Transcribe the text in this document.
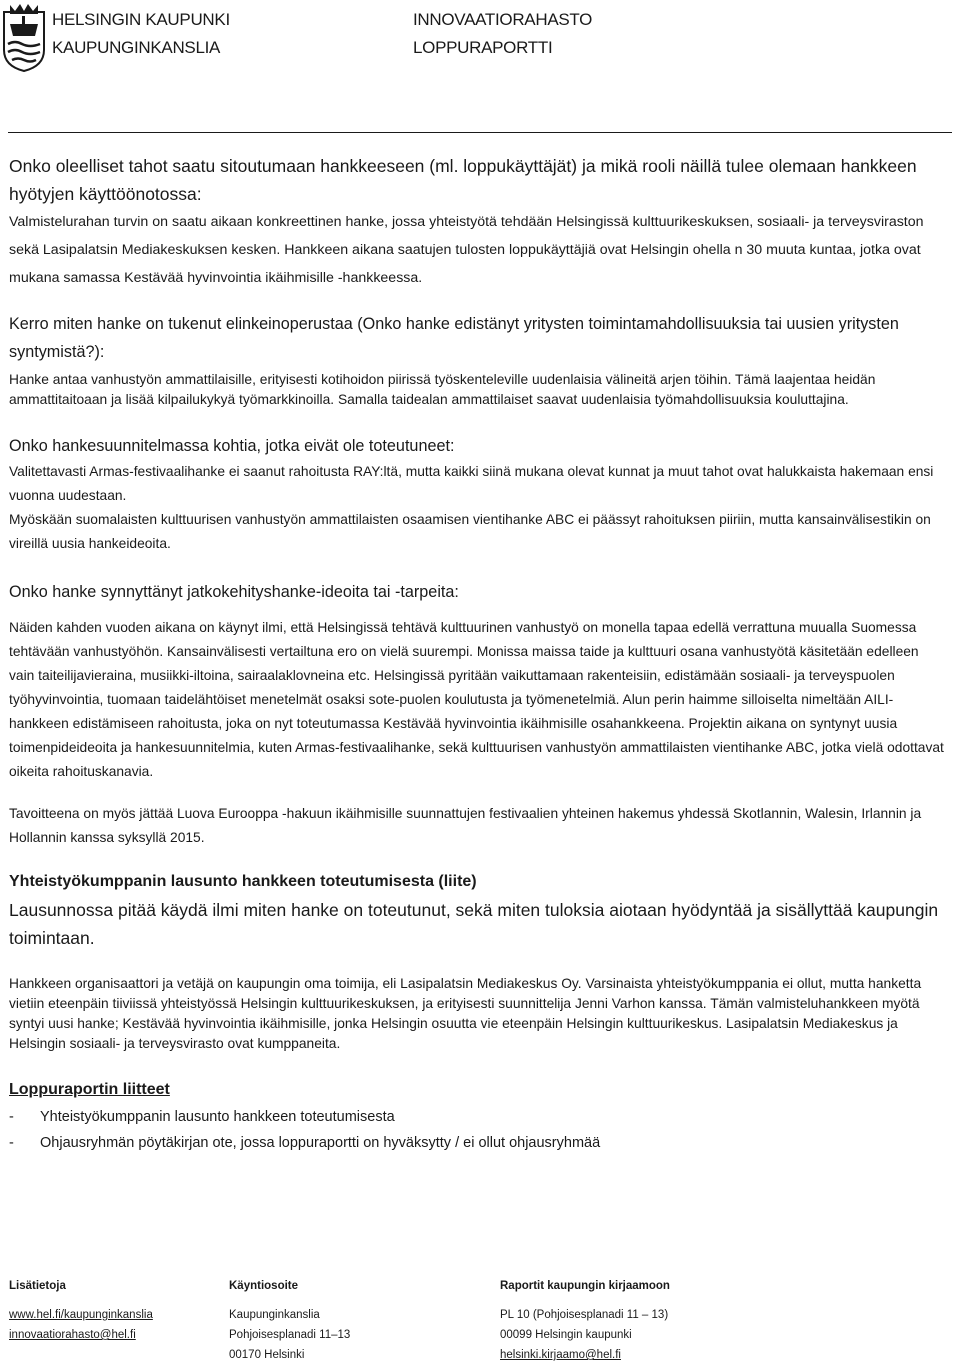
HELSINGIN KAUPUNKI
KAUPUNGINKANSLIA
INNOVAATIORAHASTO
LOPPURAPORTTI

Onko oleelliset tahot saatu sitoutumaan hankkeeseen (ml. loppukäyttäjät) ja mikä rooli näillä tulee olemaan hankkeen hyötyjen käyttöönotossa:

Valmistelurahan turvin on saatu aikaan konkreettinen hanke, jossa yhteistyötä tehdään Helsingissä kulttuurikeskuksen, sosiaali- ja terveysviraston sekä Lasipalatsin Mediakeskuksen kesken. Hankkeen aikana saatujen tulosten loppukäyttäjiä ovat Helsingin ohella n 30 muuta kuntaa, jotka ovat mukana samassa Kestävää hyvinvointia ikäihmisille -hankkeessa.

Kerro miten hanke on tukenut elinkeinoperustaa (Onko hanke edistänyt yritysten toimintamahdollisuuksia tai uusien yritysten syntymistä?):

Hanke antaa vanhustyön ammattilaisille, erityisesti kotihoidon piirissä työskenteleville uudenlaisia välineitä arjen töihin. Tämä laajentaa heidän ammattitaitoaan ja lisää kilpailukykyä työmarkkinoilla. Samalla taidealan ammattilaiset saavat uudenlaisia työmahdollisuuksia kouluttajina.

Onko hankesuunnitelmassa kohtia, jotka eivät ole toteutuneet:

Valitettavasti Armas-festivaalihanke ei saanut rahoitusta RAY:ltä, mutta kaikki siinä mukana olevat kunnat ja muut tahot ovat halukkaista hakemaan ensi vuonna uudestaan.

Myöskään suomalaisten kulttuurisen vanhustyön ammattilaisten osaamisen vientihanke ABC ei päässyt rahoituksen piiriin, mutta kansainvälisestikin on vireillä uusia hankeideoita.

Onko hanke synnyttänyt jatkokehityshanke-ideoita tai -tarpeita:

Näiden kahden vuoden aikana on käynyt ilmi, että Helsingissä tehtävä kulttuurinen vanhustyö on monella tapaa edellä verrattuna muualla Suomessa tehtävään vanhustyöhön. Kansainvälisesti vertailtuna ero on vielä suurempi. Monissa maissa taide ja kulttuuri osana vanhustyötä käsitetään edelleen vain taiteilijavieraina, musiikki-iltoina, sairaalaklovneina etc. Helsingissä pyritään vaikuttamaan rakenteisiin, edistämään sosiaali- ja terveyspuolen työhyvinvointia, tuomaan taidelähtöiset menetelmät osaksi sote-puolen koulutusta ja työmenetelmiä. Alun perin haimme silloiselta nimeltään AILI-hankkeen edistämiseen rahoitusta, joka on nyt toteutumassa Kestävää hyvinvointia ikäihmisille osahankkeena. Projektin aikana on syntynyt uusia toimenpideideoita ja hankesuunnitelmia, kuten Armas-festivaalihanke, sekä kulttuurisen vanhustyön ammattilaisten vientihanke ABC, jotka vielä odottavat oikeita rahoituskanavia.

Tavoitteena on myös jättää Luova Eurooppa -hakuun ikäihmisille suunnattujen festivaalien yhteinen hakemus yhdessä Skotlannin, Walesin, Irlannin ja Hollannin kanssa syksyllä 2015.

Yhteistyökumppanin lausunto hankkeen toteutumisesta (liite)

Lausunnossa pitää käydä ilmi miten hanke on toteutunut, sekä miten tuloksia aiotaan hyödyntää ja sisällyttää kaupungin toimintaan.

Hankkeen organisaattori ja vetäjä on kaupungin oma toimija, eli Lasipalatsin Mediakeskus Oy. Varsinaista yhteistyökumppania ei ollut, mutta hanketta vietiin eteenpäin tiiviissä yhteistyössä Helsingin kulttuurikeskuksen, ja erityisesti suunnittelija Jenni Varhon kanssa. Tämän valmisteluhankkeen myötä syntyi uusi hanke; Kestävää hyvinvointia ikäihmisille, jonka Helsingin osuutta vie eteenpäin Helsingin kulttuurikeskus. Lasipalatsin Mediakeskus ja Helsingin sosiaali- ja terveysvirasto ovat kumppaneita.

Loppuraportin liitteet

- Yhteistyökumppanin lausunto hankkeen toteutumisesta
- Ohjausryhmän pöytäkirjan ote, jossa loppuraportti on hyväksytty / ei ollut ohjausryhmää
Lisätietoja
www.hel.fi/kaupunginkanslia
innovaatiorahasto@hel.fi
Käyntiosoite
Kaupunginkanslia
Pohjoisesplanadi 11–13
00170 Helsinki
Raportit kaupungin kirjaamoon
PL 10 (Pohjoisesplanadi 11 – 13)
00099 Helsingin kaupunki
helsinki.kirjaamo@hel.fi
